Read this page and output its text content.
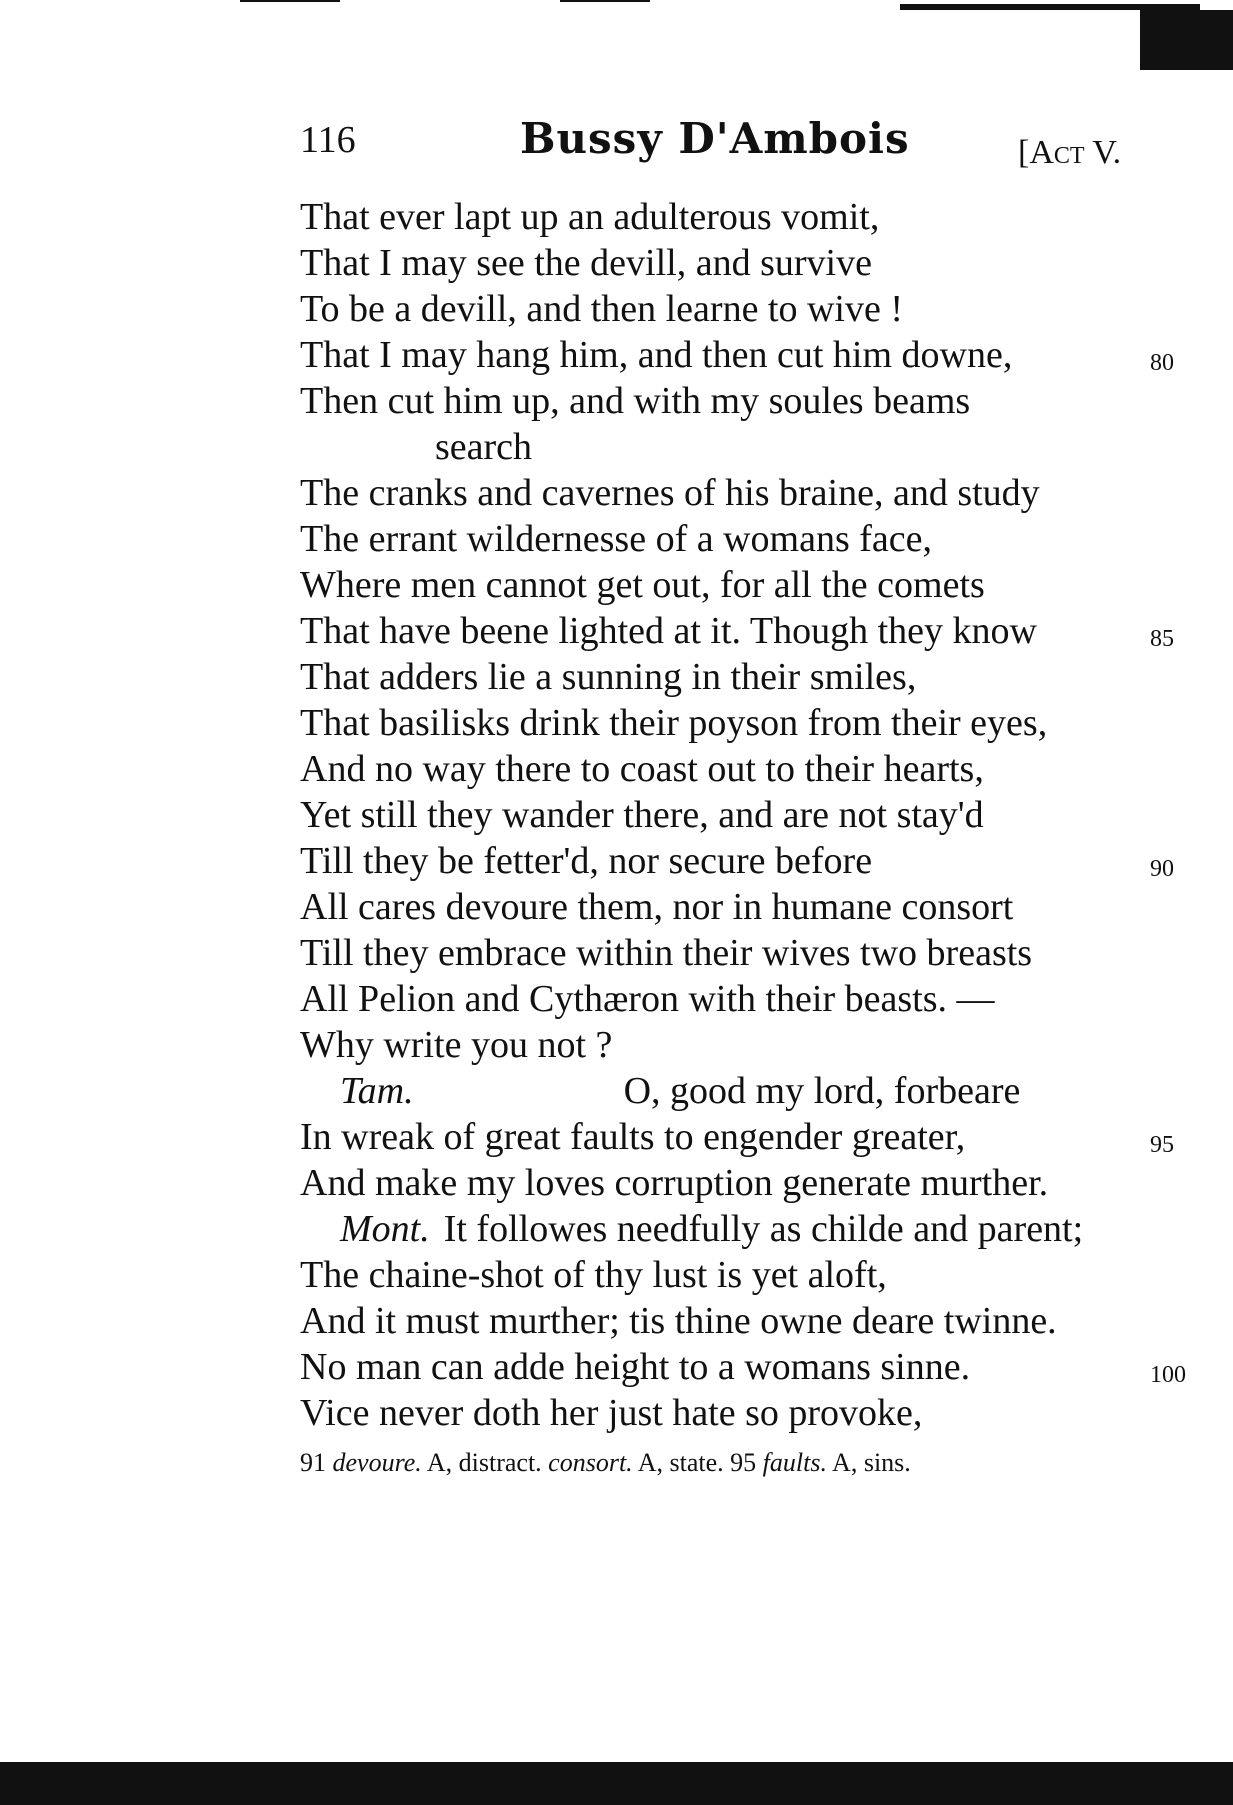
116	Bussy D'Ambois	[Act V.
That ever lapt up an adulterous vomit,
That I may see the devill, and survive
To be a devill, and then learne to wive !
That I may hang him, and then cut him downe,	80
Then cut him up, and with my soules beams
search
The cranks and cavernes of his braine, and study
The errant wildernesse of a womans face,
Where men cannot get out, for all the comets
That have beene lighted at it. Though they know	85
That adders lie a sunning in their smiles,
That basilisks drink their poyson from their eyes,
And no way there to coast out to their hearts,
Yet still they wander there, and are not stay'd
Till they be fetter'd, nor secure before	90
All cares devoure them, nor in humane consort
Till they embrace within their wives two breasts
All Pelion and Cythæron with their beasts. —
Why write you not ?
Tam.	O, good my lord, forbeare
In wreak of great faults to engender greater,	95
And make my loves corruption generate murther.
Mont. It followes needfully as childe and parent;
The chaine-shot of thy lust is yet aloft,
And it must murther; tis thine owne deare twinne.
No man can adde height to a womans sinne.	100
Vice never doth her just hate so provoke,
91 devoure. A, distract. consort. A, state. 95 faults. A, sins.
